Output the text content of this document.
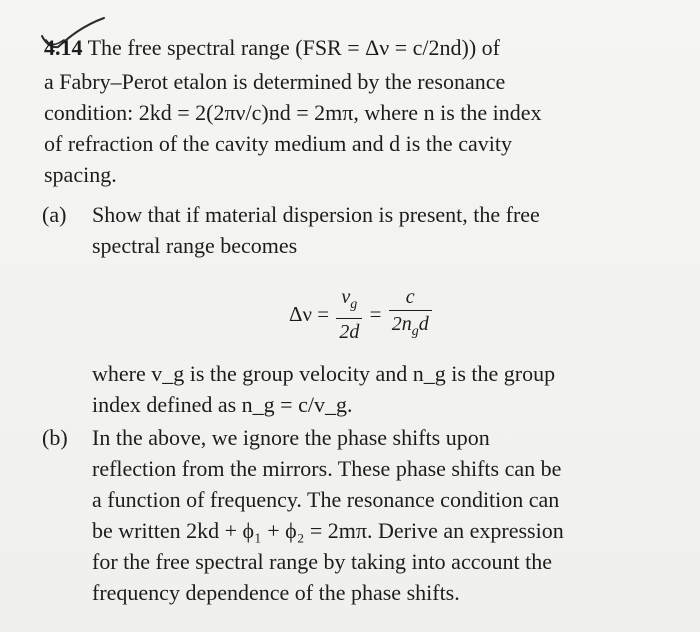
4.14 The free spectral range (FSR = Δν = c/2nd)) of
a Fabry–Perot etalon is determined by the resonance
condition: 2kd = 2(2πν/c)nd = 2mπ, where n is the index
of refraction of the cavity medium and d is the cavity
spacing.
(a) Show that if material dispersion is present, the free
spectral range becomes
$\Delta\nu = \frac{v_g}{2d} = \frac{c}{2n_gd}$
where v_g is the group velocity and n_g is the group
index defined as n_g = c/v_g.
(b) In the above, we ignore the phase shifts upon
reflection from the mirrors. These phase shifts can be
a function of frequency. The resonance condition can
be written 2kd + ϕ₁ + ϕ₂ = 2mπ. Derive an expression
for the free spectral range by taking into account the
frequency dependence of the phase shifts.
